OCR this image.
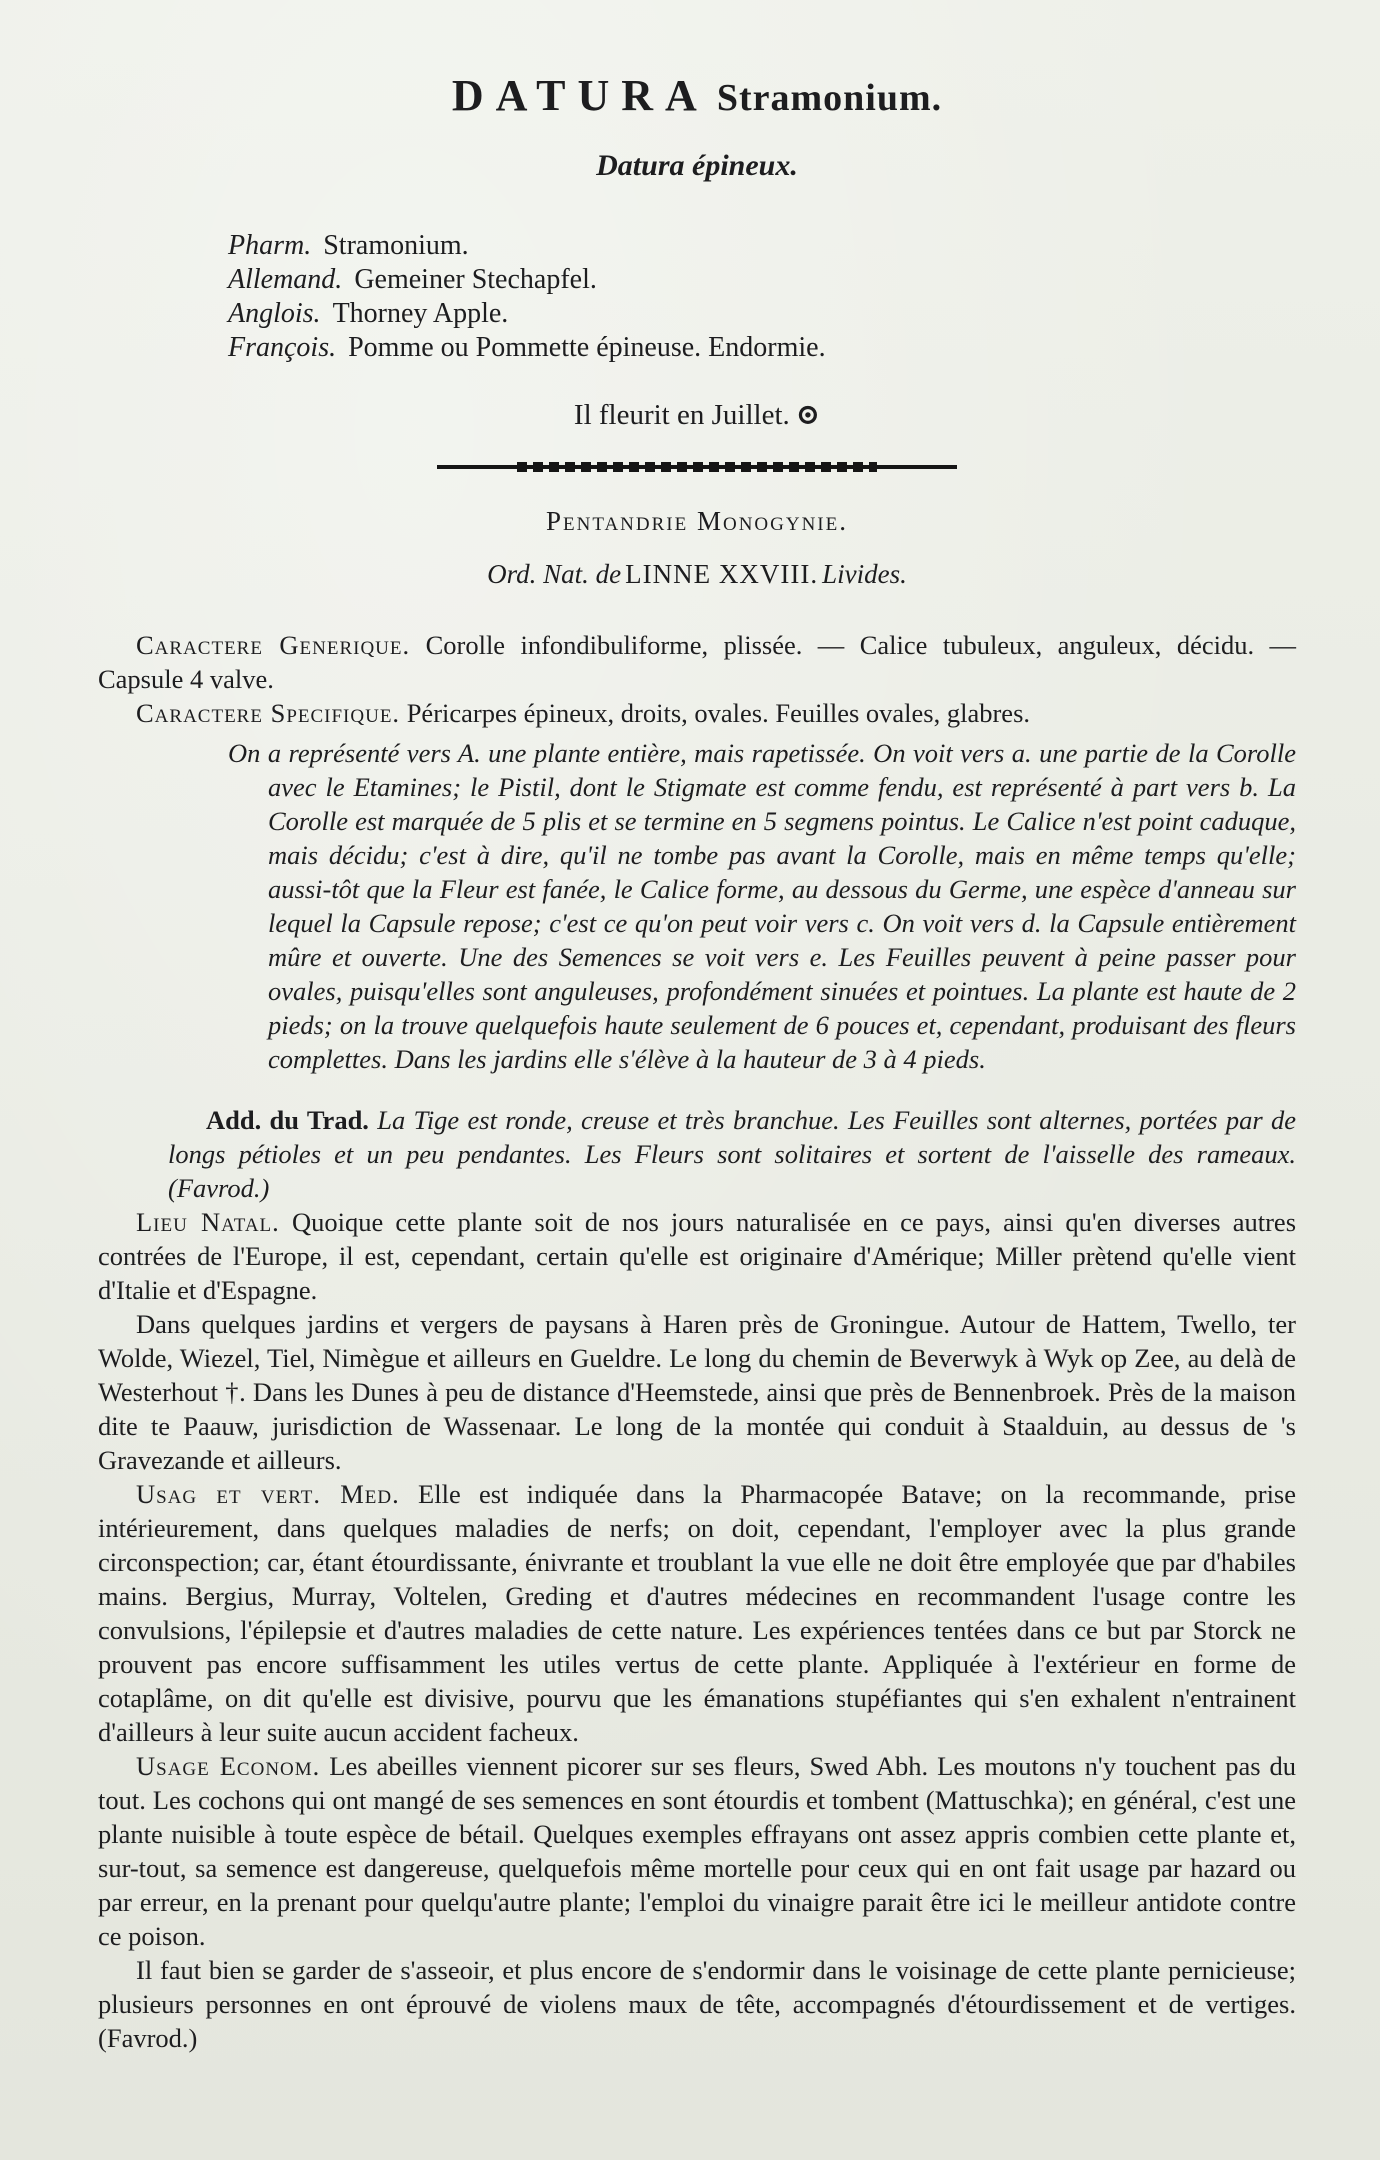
DATURA Stramonium.
Datura épineux.
Pharm. Stramonium.
Allemand. Gemeiner Stechapfel.
Anglois. Thorney Apple.
François. Pomme ou Pommette épineuse. Endormie.
Il fleurit en Juillet. ⊙
Pentandrie Monogynie.
Ord. Nat. de LINNE XXVIII. Livides.

Caractere Generique. Corolle infondibuliforme, plissée. — Calice tubuleux, anguleux, décidu. — Capsule 4 valve.

Caractere Specifique. Péricarpes épineux, droits, ovales. Feuilles ovales, glabres.

On a représenté vers A. une plante entière, mais rapetissée. On voit vers a. une partie de la Corolle avec le Etamines; le Pistil, dont le Stigmate est comme fendu, est représenté à part vers b. La Corolle est marquée de 5 plis et se termine en 5 segmens pointus. Le Calice n'est point caduque, mais décidu; c'est à dire, qu'il ne tombe pas avant la Corolle, mais en même temps qu'elle; aussi-tôt que la Fleur est fanée, le Calice forme, au dessous du Germe, une espèce d'anneau sur lequel la Capsule repose; c'est ce qu'on peut voir vers c. On voit vers d. la Capsule entièrement mûre et ouverte. Une des Semences se voit vers e. Les Feuilles peuvent à peine passer pour ovales, puisqu'elles sont anguleuses, profondément sinuées et pointues. La plante est haute de 2 pieds; on la trouve quelquefois haute seulement de 6 pouces et, cependant, produisant des fleurs complettes. Dans les jardins elle s'élève à la hauteur de 3 à 4 pieds.

Add. du Trad. La Tige est ronde, creuse et très branchue. Les Feuilles sont alternes, portées par de longs pétioles et un peu pendantes. Les Fleurs sont solitaires et sortent de l'aisselle des rameaux. (Favrod.)

Lieu Natal. Quoique cette plante soit de nos jours naturalisée en ce pays, ainsi qu'en diverses autres contrées de l'Europe, il est, cependant, certain qu'elle est originaire d'Amérique; Miller prètend qu'elle vient d'Italie et d'Espagne.

Dans quelques jardins et vergers de paysans à Haren près de Groningue. Autour de Hattem, Twello, ter Wolde, Wiezel, Tiel, Nimègue et ailleurs en Gueldre. Le long du chemin de Beverwyk à Wyk op Zee, au delà de Westerhout †. Dans les Dunes à peu de distance d'Heemstede, ainsi que près de Bennenbroek. Près de la maison dite te Paauw, jurisdiction de Wassenaar. Le long de la montée qui conduit à Staalduin, au dessus de 's Gravezande et ailleurs.

Usag et vert. Med. Elle est indiquée dans la Pharmacopée Batave; on la recommande, prise intérieurement, dans quelques maladies de nerfs; on doit, cependant, l'employer avec la plus grande circonspection; car, étant étourdissante, énivrante et troublant la vue elle ne doit être employée que par d'habiles mains. Bergius, Murray, Voltelen, Greding et d'autres médecines en recommandent l'usage contre les convulsions, l'épilepsie et d'autres maladies de cette nature. Les expériences tentées dans ce but par Storck ne prouvent pas encore suffisamment les utiles vertus de cette plante. Appliquée à l'extérieur en forme de cotaplâme, on dit qu'elle est divisive, pourvu que les émanations stupéfiantes qui s'en exhalent n'entrainent d'ailleurs à leur suite aucun accident facheux.

Usage Econom. Les abeilles viennent picorer sur ses fleurs, Swed Abh. Les moutons n'y touchent pas du tout. Les cochons qui ont mangé de ses semences en sont étourdis et tombent (Mattuschka); en général, c'est une plante nuisible à toute espèce de bétail. Quelques exemples effrayans ont assez appris combien cette plante et, sur-tout, sa semence est dangereuse, quelquefois même mortelle pour ceux qui en ont fait usage par hazard ou par erreur, en la prenant pour quelqu'autre plante; l'emploi du vinaigre parait être ici le meilleur antidote contre ce poison.

Il faut bien se garder de s'asseoir, et plus encore de s'endormir dans le voisinage de cette plante pernicieuse; plusieurs personnes en ont éprouvé de violens maux de tête, accompagnés d'étourdissement et de vertiges. (Favrod.)
